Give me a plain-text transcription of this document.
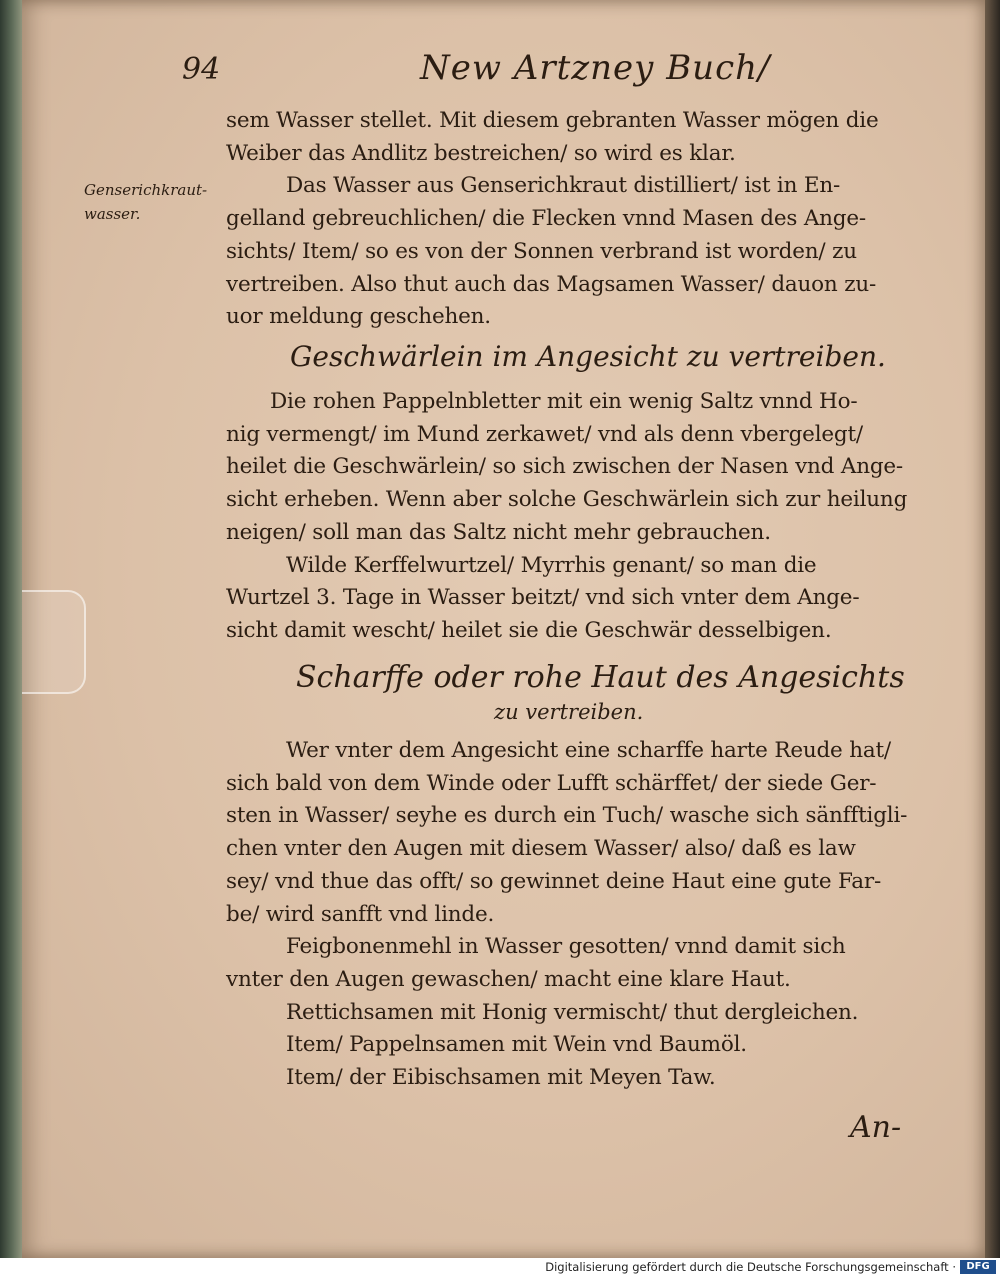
94	New Artzney Buch/
Genserichkraut-
wasser.
sem Wasser stellet. Mit diesem gebranten Wasser mögen die
Weiber das Andlitz bestreichen/ so wird es klar.
Das Wasser aus Genserichkraut distilliert/ ist in En-
gelland gebreuchlichen/ die Flecken vnnd Masen des Ange-
sichts/ Item/ so es von der Sonnen verbrand ist worden/ zu
vertreiben. Also thut auch das Magsamen Wasser/ dauon zu-
uor meldung geschehen.
Geschwärlein im Angesicht zu vertreiben.
Die rohen Pappelnbletter mit ein wenig Saltz vnnd Ho-
nig vermengt/ im Mund zerkawet/ vnd als denn vbergelegt/
heilet die Geschwärlein/ so sich zwischen der Nasen vnd Ange-
sicht erheben. Wenn aber solche Geschwärlein sich zur heilung
neigen/ soll man das Saltz nicht mehr gebrauchen.
Wilde Kerffelwurtzel/ Myrrhis genant/ so man die
Wurtzel 3. Tage in Wasser beitzt/ vnd sich vnter dem Ange-
sicht damit wescht/ heilet sie die Geschwär desselbigen.
Scharffe oder rohe Haut des Angesichts
zu vertreiben.
Wer vnter dem Angesicht eine scharffe harte Reude hat/
sich bald von dem Winde oder Lufft schärffet/ der siede Ger-
sten in Wasser/ seyhe es durch ein Tuch/ wasche sich sänfftigli-
chen vnter den Augen mit diesem Wasser/ also/ daß es law
sey/ vnd thue das offt/ so gewinnet deine Haut eine gute Far-
be/ wird sanfft vnd linde.
Feigbonenmehl in Wasser gesotten/ vnnd damit sich
vnter den Augen gewaschen/ macht eine klare Haut.
Rettichsamen mit Honig vermischt/ thut dergleichen.
Item/ Pappelnsamen mit Wein vnd Baumöl.
Item/ der Eibischsamen mit Meyen Taw.
An-
Digitalisierung gefördert durch die Deutsche Forschungsgemeinschaft ·	DFG
